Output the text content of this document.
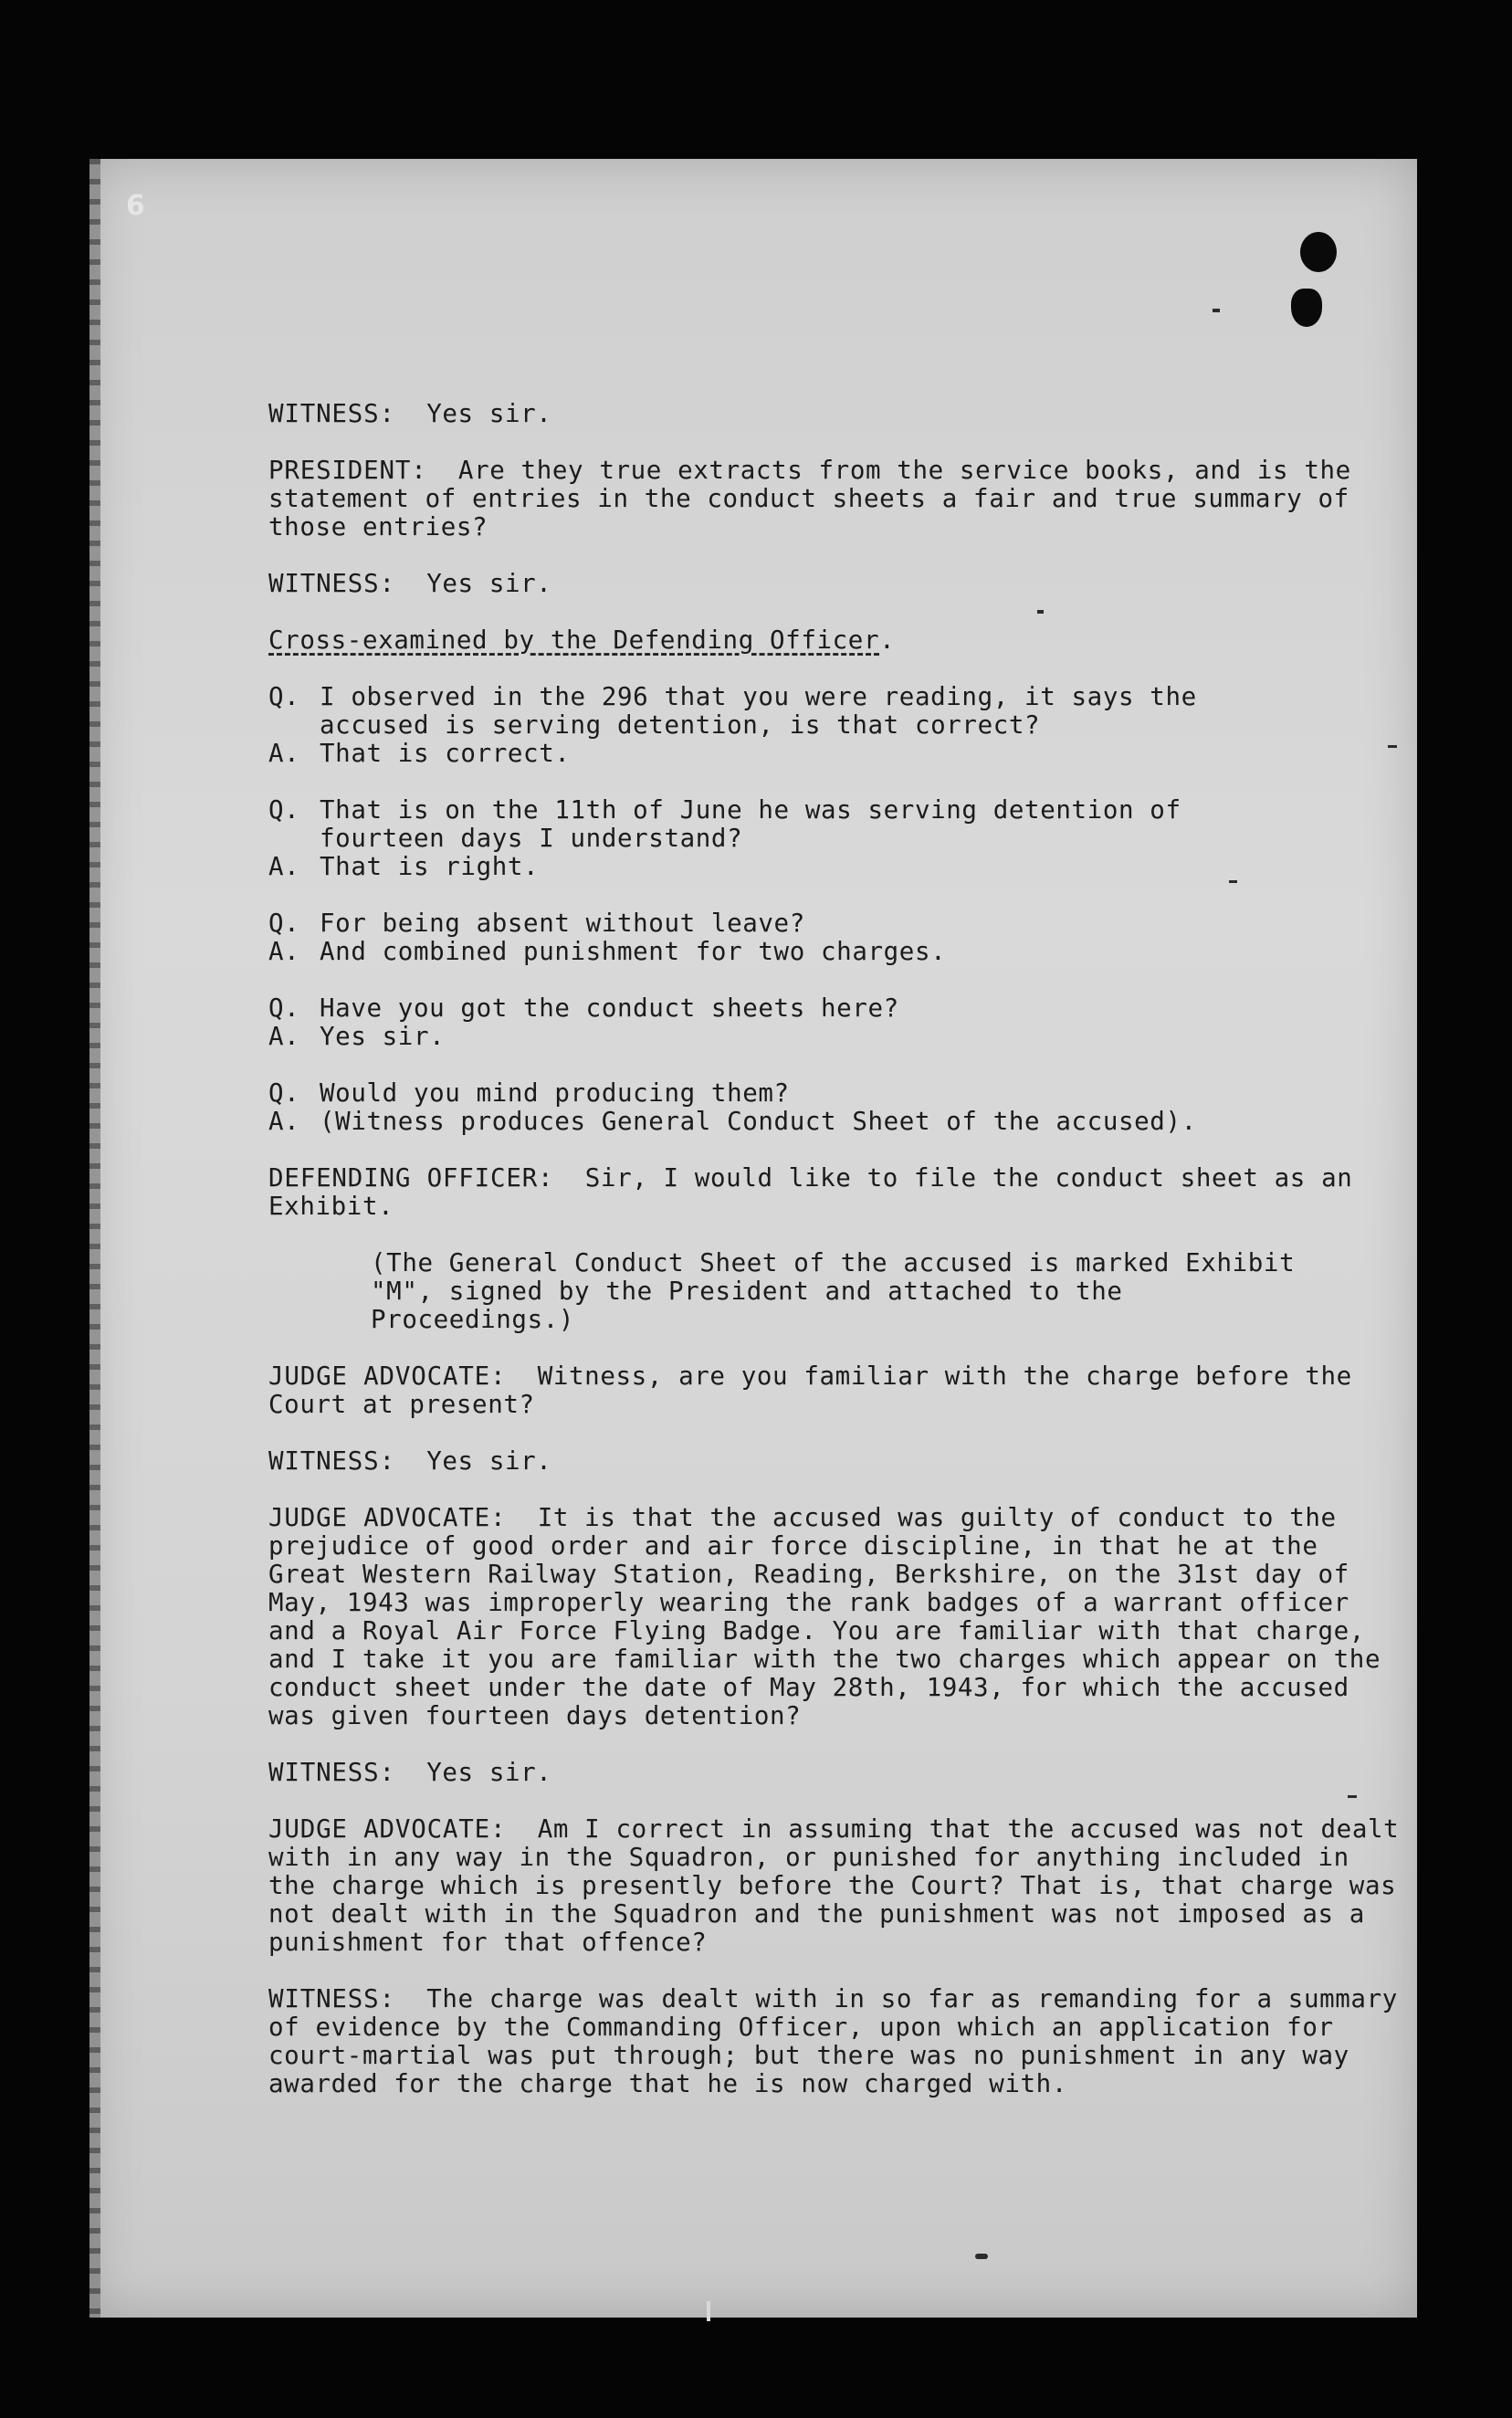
6

WITNESS: Yes sir.

PRESIDENT: Are they true extracts from the service books, and is the statement of entries in the conduct sheets a fair and true summary of those entries?

WITNESS: Yes sir.

Cross-examined by the Defending Officer.

Q. I observed in the 296 that you were reading, it says the
accused is serving detention, is that correct?
A. That is correct.
Q. That is on the 11th of June he was serving detention of
fourteen days I understand?
A. That is right.
Q. For being absent without leave?
A. And combined punishment for two charges.
Q. Have you got the conduct sheets here?
A. Yes sir.
Q. Would you mind producing them?
A. (Witness produces General Conduct Sheet of the accused).

DEFENDING OFFICER: Sir, I would like to file the conduct sheet as an Exhibit.

(The General Conduct Sheet of the accused is marked Exhibit "M", signed by the President and attached to the Proceedings.)

JUDGE ADVOCATE: Witness, are you familiar with the charge before the Court at present?

WITNESS: Yes sir.

JUDGE ADVOCATE: It is that the accused was guilty of conduct to the prejudice of good order and air force discipline, in that he at the Great Western Railway Station, Reading, Berkshire, on the 31st day of May, 1943 was improperly wearing the rank badges of a warrant officer and a Royal Air Force Flying Badge. You are familiar with that charge, and I take it you are familiar with the two charges which appear on the conduct sheet under the date of May 28th, 1943, for which the accused was given fourteen days detention?

WITNESS: Yes sir.

JUDGE ADVOCATE: Am I correct in assuming that the accused was not dealt with in any way in the Squadron, or punished for anything included in the charge which is presently before the Court? That is, that charge was not dealt with in the Squadron and the punishment was not imposed as a punishment for that offence?

WITNESS: The charge was dealt with in so far as remanding for a summary of evidence by the Commanding Officer, upon which an application for court-martial was put through; but there was no punishment in any way awarded for the charge that he is now charged with.
